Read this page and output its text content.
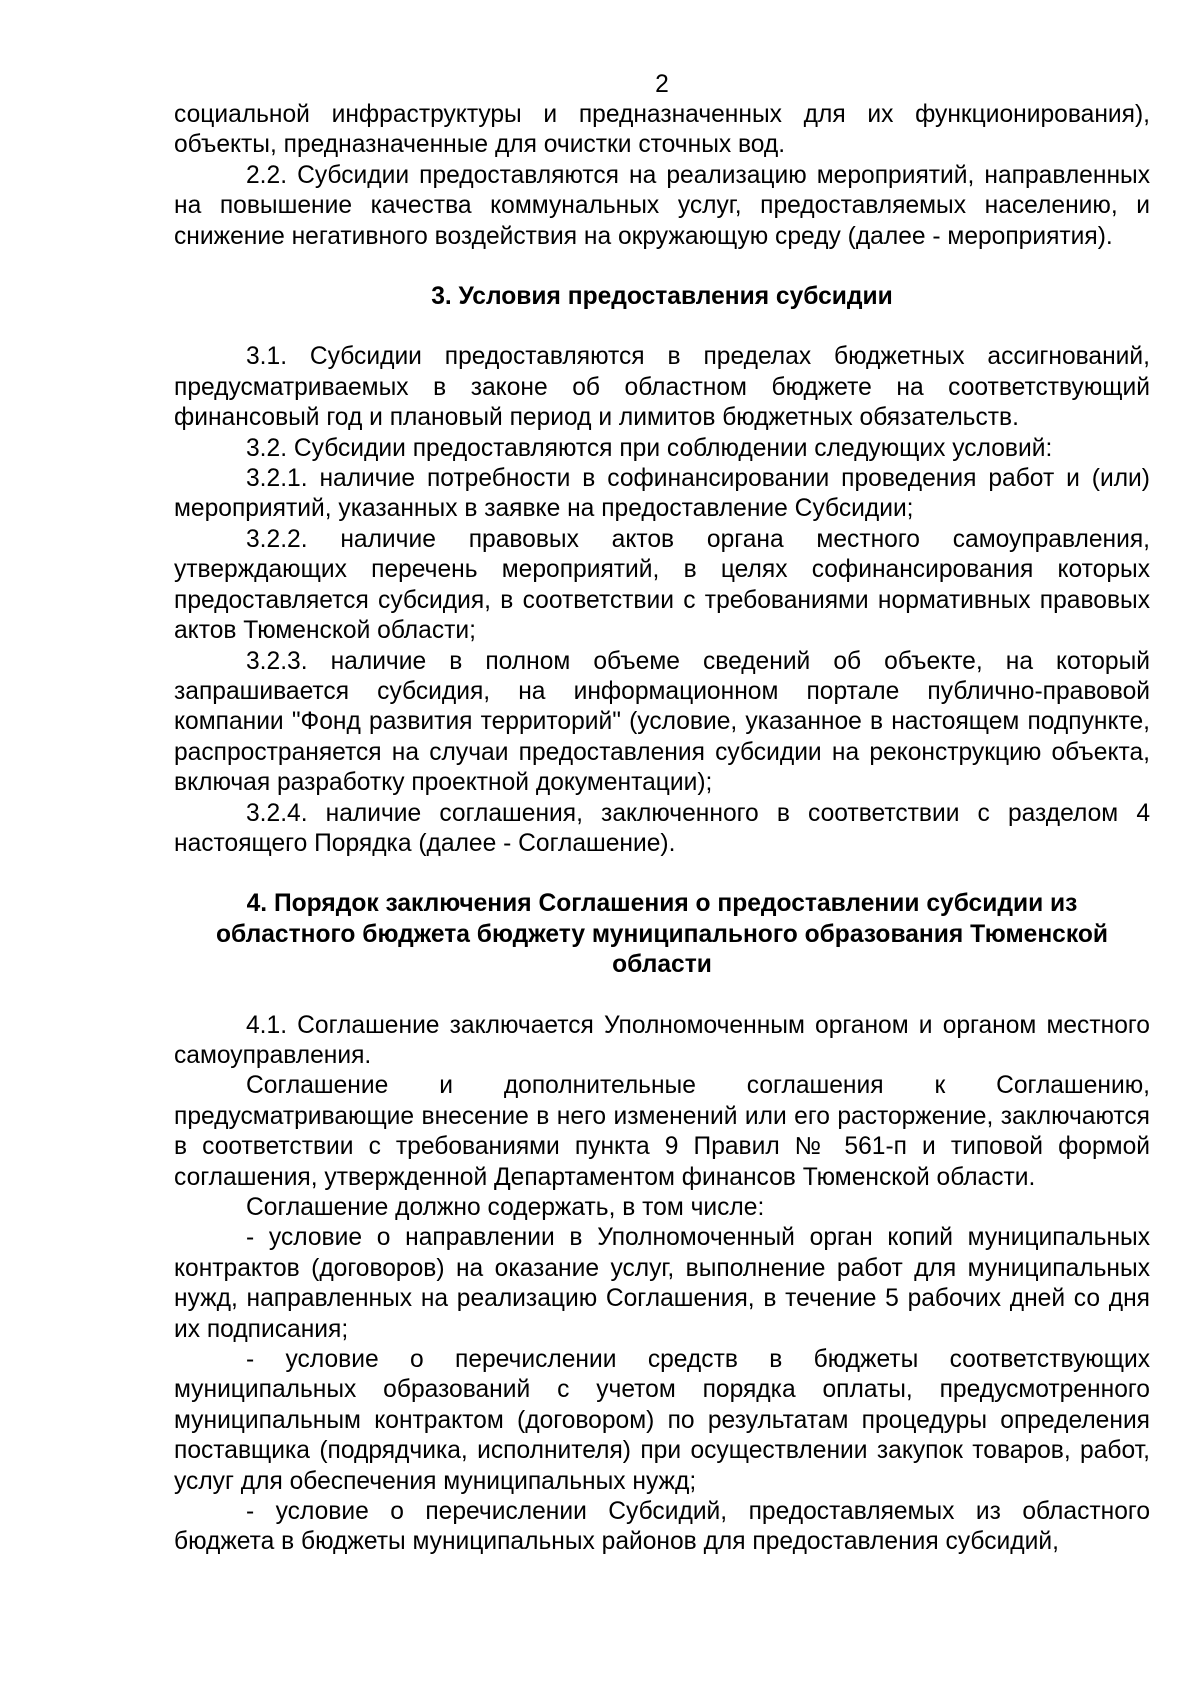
2

социальной инфраструктуры и предназначенных для их функционирования), объекты, предназначенные для очистки сточных вод.

2.2. Субсидии предоставляются на реализацию мероприятий, направленных на повышение качества коммунальных услуг, предоставляемых населению, и снижение негативного воздействия на окружающую среду (далее - мероприятия).

3. Условия предоставления субсидии

3.1. Субсидии предоставляются в пределах бюджетных ассигнований, предусматриваемых в законе об областном бюджете на соответствующий финансовый год и плановый период и лимитов бюджетных обязательств.

3.2. Субсидии предоставляются при соблюдении следующих условий:

3.2.1. наличие потребности в софинансировании проведения работ и (или) мероприятий, указанных в заявке на предоставление Субсидии;

3.2.2. наличие правовых актов органа местного самоуправления, утверждающих перечень мероприятий, в целях софинансирования которых предоставляется субсидия, в соответствии с требованиями нормативных правовых актов Тюменской области;

3.2.3. наличие в полном объеме сведений об объекте, на который запрашивается субсидия, на информационном портале публично-правовой компании "Фонд развития территорий" (условие, указанное в настоящем подпункте, распространяется на случаи предоставления субсидии на реконструкцию объекта, включая разработку проектной документации);

3.2.4. наличие соглашения, заключенного в соответствии с разделом 4 настоящего Порядка (далее - Соглашение).

4. Порядок заключения Соглашения о предоставлении субсидии из областного бюджета бюджету муниципального образования Тюменской области

4.1. Соглашение заключается Уполномоченным органом и органом местного самоуправления.

Соглашение и дополнительные соглашения к Соглашению, предусматривающие внесение в него изменений или его расторжение, заключаются в соответствии с требованиями пункта 9 Правил № 561-п и типовой формой соглашения, утвержденной Департаментом финансов Тюменской области.

Соглашение должно содержать, в том числе:

- условие о направлении в Уполномоченный орган копий муниципальных контрактов (договоров) на оказание услуг, выполнение работ для муниципальных нужд, направленных на реализацию Соглашения, в течение 5 рабочих дней со дня их подписания;

- условие о перечислении средств в бюджеты соответствующих муниципальных образований с учетом порядка оплаты, предусмотренного муниципальным контрактом (договором) по результатам процедуры определения поставщика (подрядчика, исполнителя) при осуществлении закупок товаров, работ, услуг для обеспечения муниципальных нужд;

- условие о перечислении Субсидий, предоставляемых из областного бюджета в бюджеты муниципальных районов для предоставления субсидий,
